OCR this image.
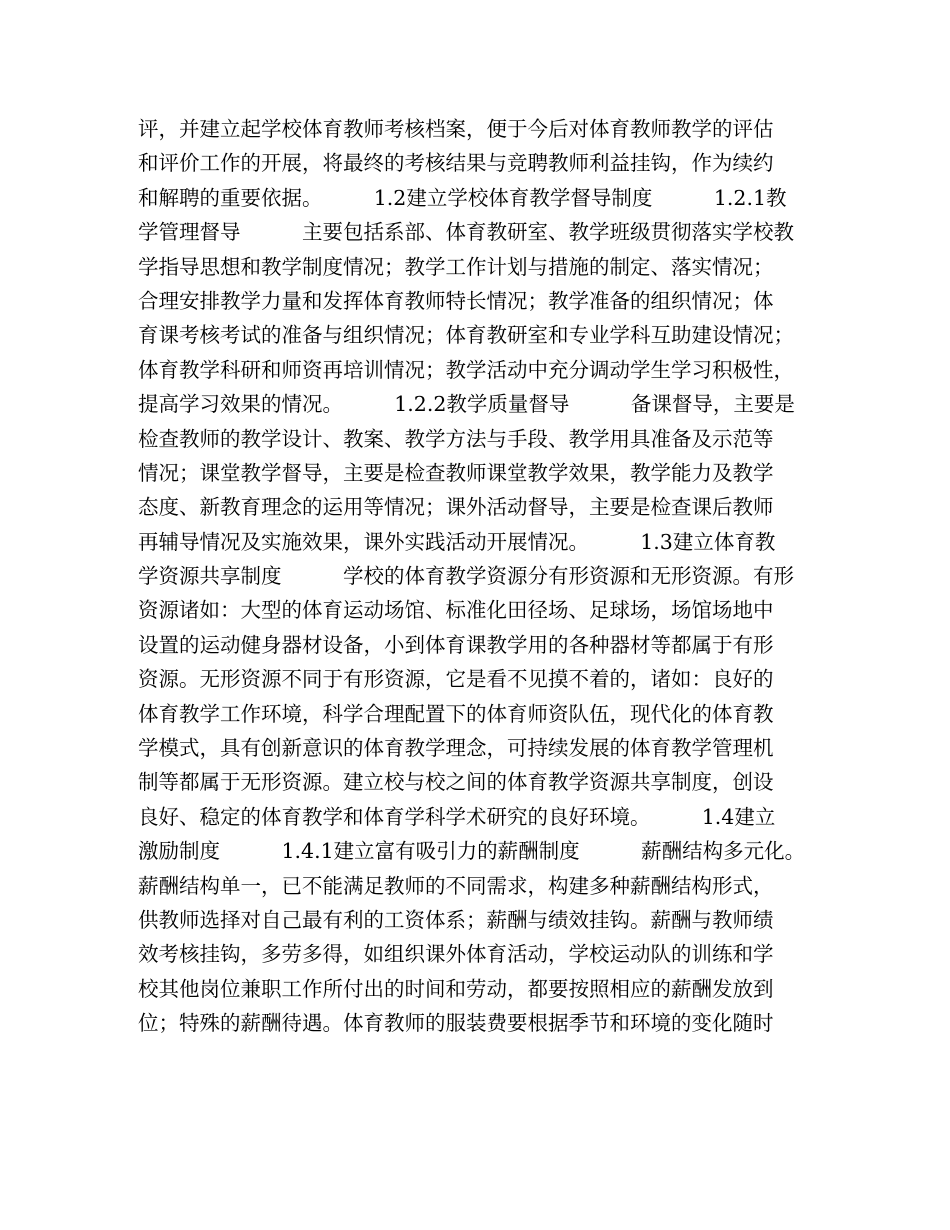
评，并建立起学校体育教师考核档案，便于今后对体育教师教学的评估
和评价工作的开展，将最终的考核结果与竞聘教师利益挂钩，作为续约
和解聘的重要依据。　　　1.2建立学校体育教学督导制度　　　1.2.1教
学管理督导　　　主要包括系部、体育教研室、教学班级贯彻落实学校教
学指导思想和教学制度情况；教学工作计划与措施的制定、落实情况；
合理安排教学力量和发挥体育教师特长情况；教学准备的组织情况；体
育课考核考试的准备与组织情况；体育教研室和专业学科互助建设情况；
体育教学科研和师资再培训情况；教学活动中充分调动学生学习积极性，
提高学习效果的情况。　　　1.2.2教学质量督导　　　备课督导，主要是
检查教师的教学设计、教案、教学方法与手段、教学用具准备及示范等
情况；课堂教学督导，主要是检查教师课堂教学效果，教学能力及教学
态度、新教育理念的运用等情况；课外活动督导，主要是检查课后教师
再辅导情况及实施效果，课外实践活动开展情况。　　　1.3建立体育教
学资源共享制度　　　学校的体育教学资源分有形资源和无形资源。有形
资源诸如：大型的体育运动场馆、标准化田径场、足球场，场馆场地中
设置的运动健身器材设备，小到体育课教学用的各种器材等都属于有形
资源。无形资源不同于有形资源，它是看不见摸不着的，诸如：良好的
体育教学工作环境，科学合理配置下的体育师资队伍，现代化的体育教
学模式，具有创新意识的体育教学理念，可持续发展的体育教学管理机
制等都属于无形资源。建立校与校之间的体育教学资源共享制度，创设
良好、稳定的体育教学和体育学科学术研究的良好环境。　　　1.4建立
激励制度　　　1.4.1建立富有吸引力的薪酬制度　　　薪酬结构多元化。
薪酬结构单一，已不能满足教师的不同需求，构建多种薪酬结构形式，
供教师选择对自己最有利的工资体系；薪酬与绩效挂钩。薪酬与教师绩
效考核挂钩，多劳多得，如组织课外体育活动，学校运动队的训练和学
校其他岗位兼职工作所付出的时间和劳动，都要按照相应的薪酬发放到
位；特殊的薪酬待遇。体育教师的服装费要根据季节和环境的变化随时
